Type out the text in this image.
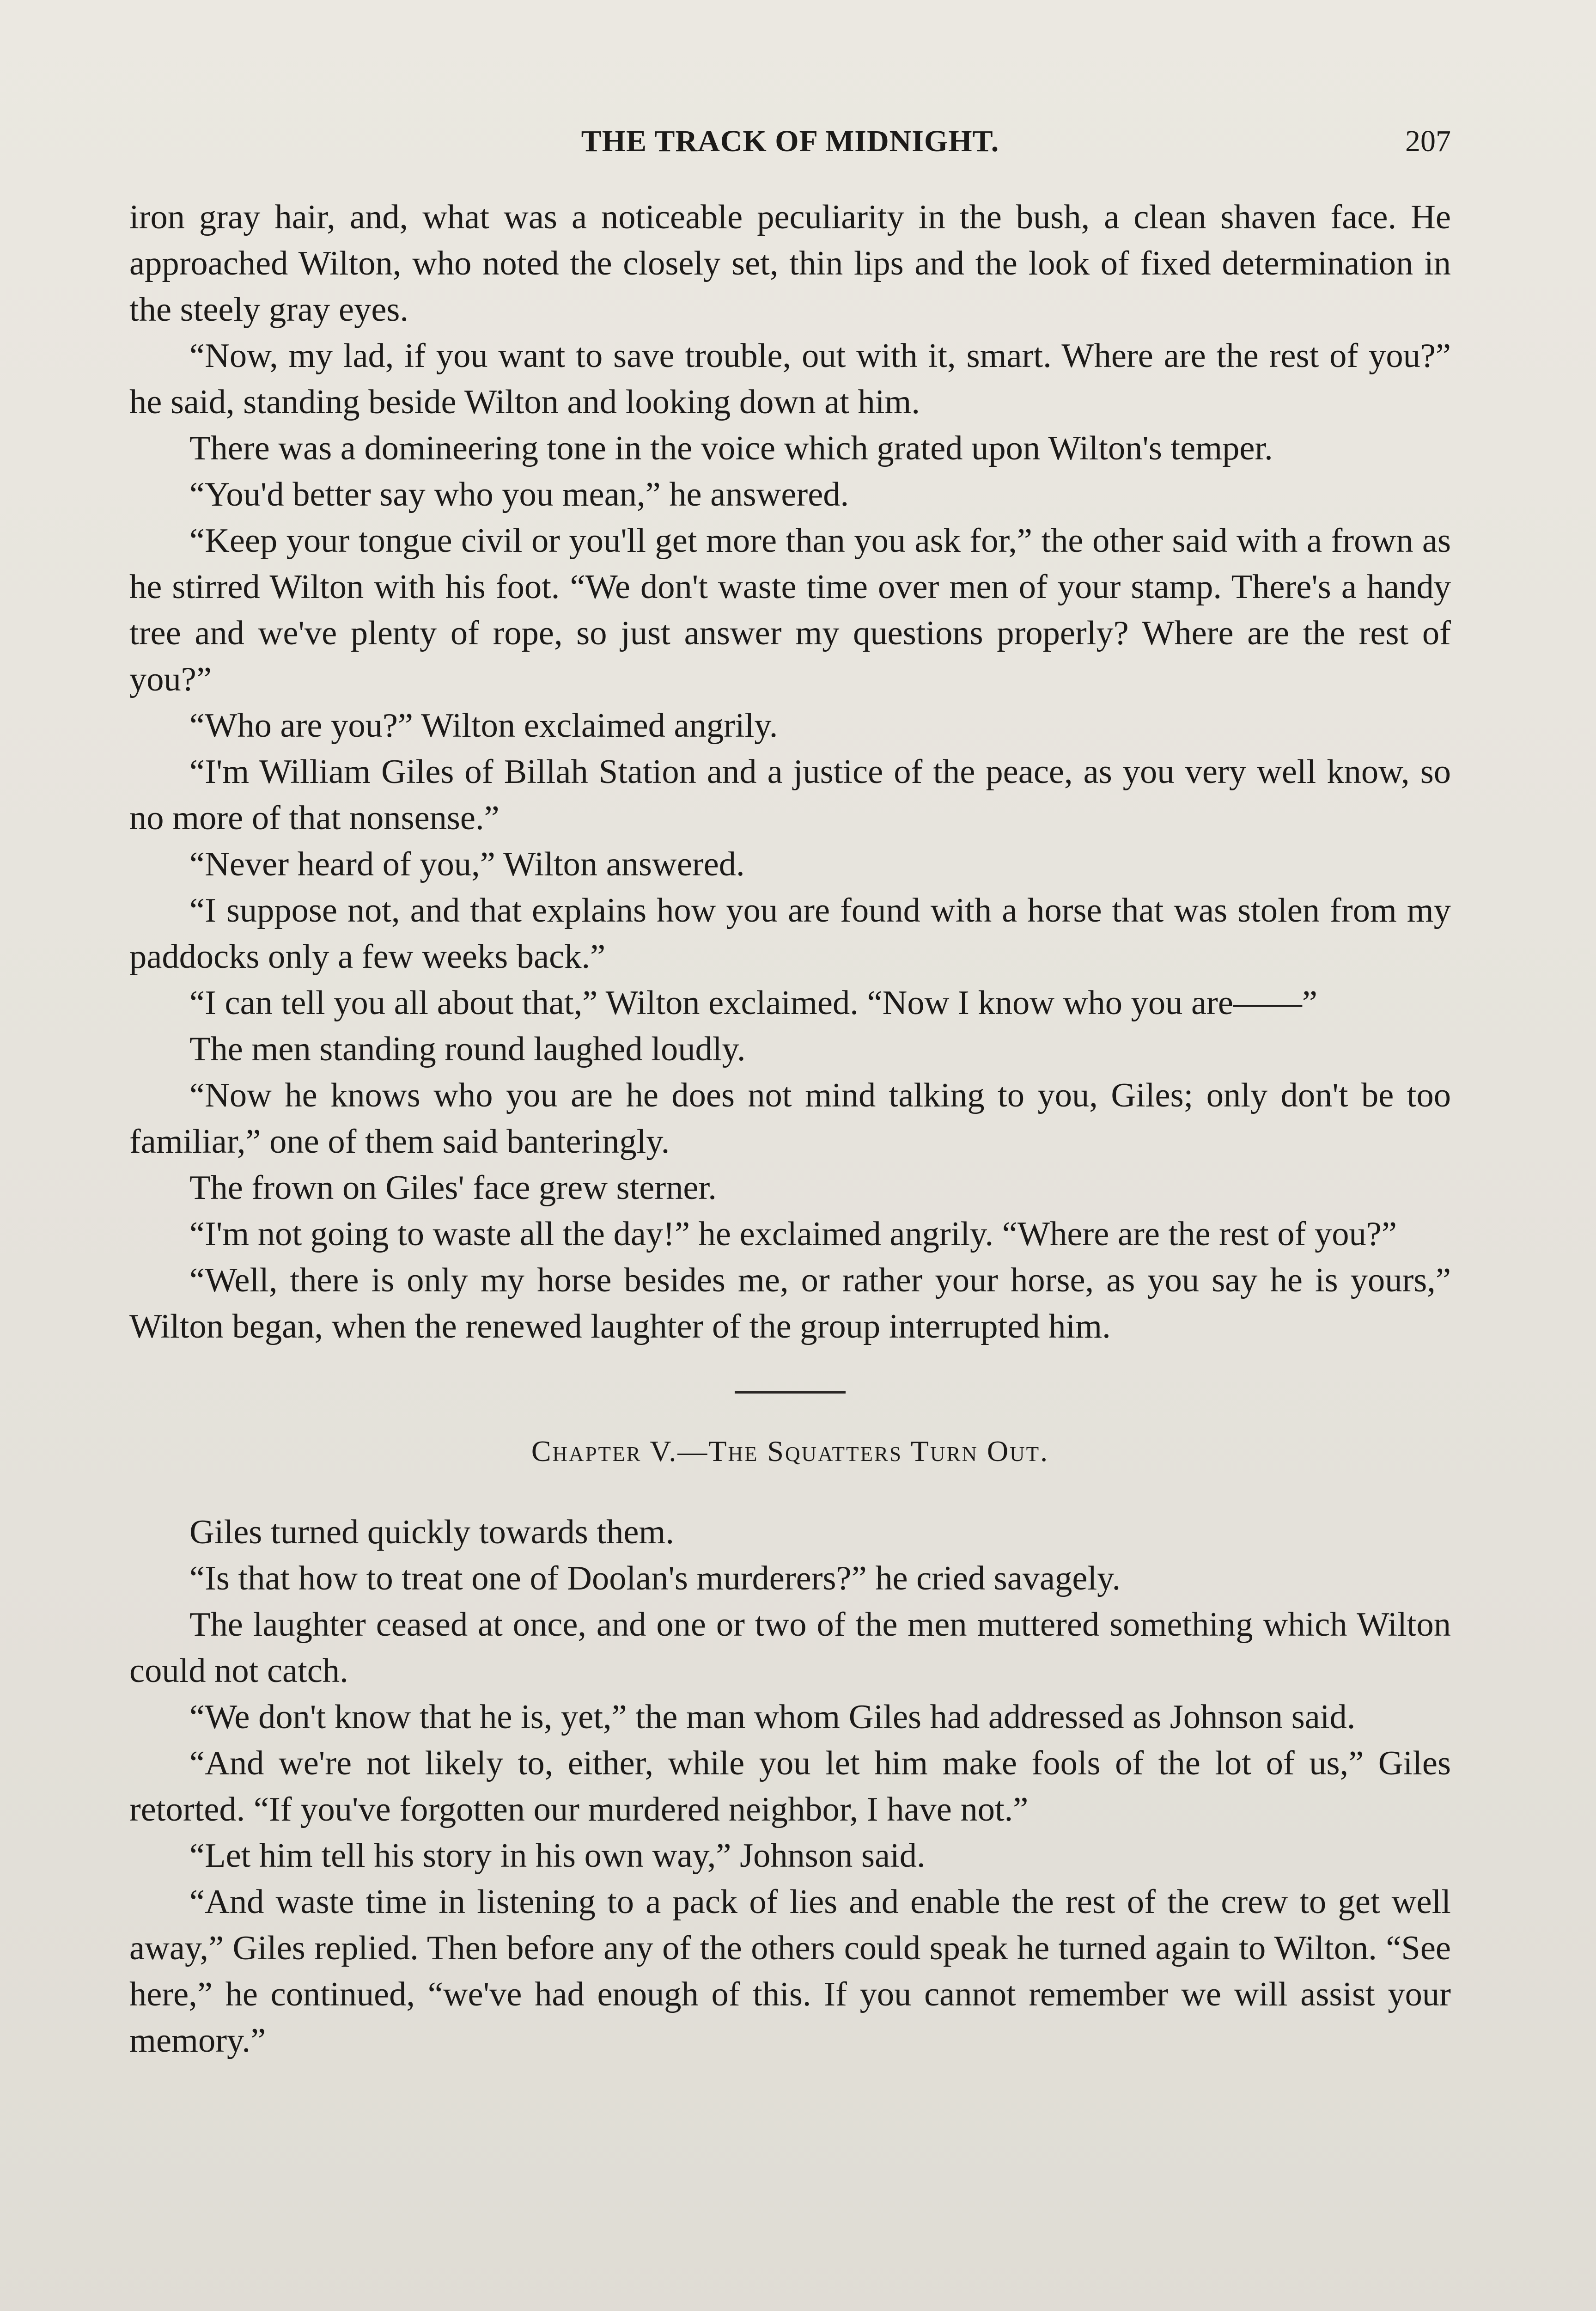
THE TRACK OF MIDNIGHT.	207

iron gray hair, and, what was a noticeable peculiarity in the bush, a clean shaven face. He approached Wilton, who noted the closely set, thin lips and the look of fixed determination in the steely gray eyes.

“Now, my lad, if you want to save trouble, out with it, smart. Where are the rest of you?” he said, standing beside Wilton and looking down at him.

There was a domineering tone in the voice which grated upon Wilton's temper.

“You'd better say who you mean,” he answered.

“Keep your tongue civil or you'll get more than you ask for,” the other said with a frown as he stirred Wilton with his foot. “We don't waste time over men of your stamp. There's a handy tree and we've plenty of rope, so just answer my questions properly? Where are the rest of you?”

“Who are you?” Wilton exclaimed angrily.

“I'm William Giles of Billah Station and a justice of the peace, as you very well know, so no more of that nonsense.”

“Never heard of you,” Wilton answered.

“I suppose not, and that explains how you are found with a horse that was stolen from my paddocks only a few weeks back.”

“I can tell you all about that,” Wilton exclaimed. “Now I know who you are——”

The men standing round laughed loudly.

“Now he knows who you are he does not mind talking to you, Giles; only don't be too familiar,” one of them said banteringly.

The frown on Giles' face grew sterner.

“I'm not going to waste all the day!” he exclaimed angrily. “Where are the rest of you?”

“Well, there is only my horse besides me, or rather your horse, as you say he is yours,” Wilton began, when the renewed laughter of the group interrupted him.

Chapter V.—The Squatters Turn Out.

Giles turned quickly towards them.

“Is that how to treat one of Doolan's murderers?” he cried savagely.

The laughter ceased at once, and one or two of the men muttered something which Wilton could not catch.

“We don't know that he is, yet,” the man whom Giles had addressed as Johnson said.

“And we're not likely to, either, while you let him make fools of the lot of us,” Giles retorted. “If you've forgotten our murdered neighbor, I have not.”

“Let him tell his story in his own way,” Johnson said.

“And waste time in listening to a pack of lies and enable the rest of the crew to get well away,” Giles replied. Then before any of the others could speak he turned again to Wilton. “See here,” he continued, “we've had enough of this. If you cannot remember we will assist your memory.”
